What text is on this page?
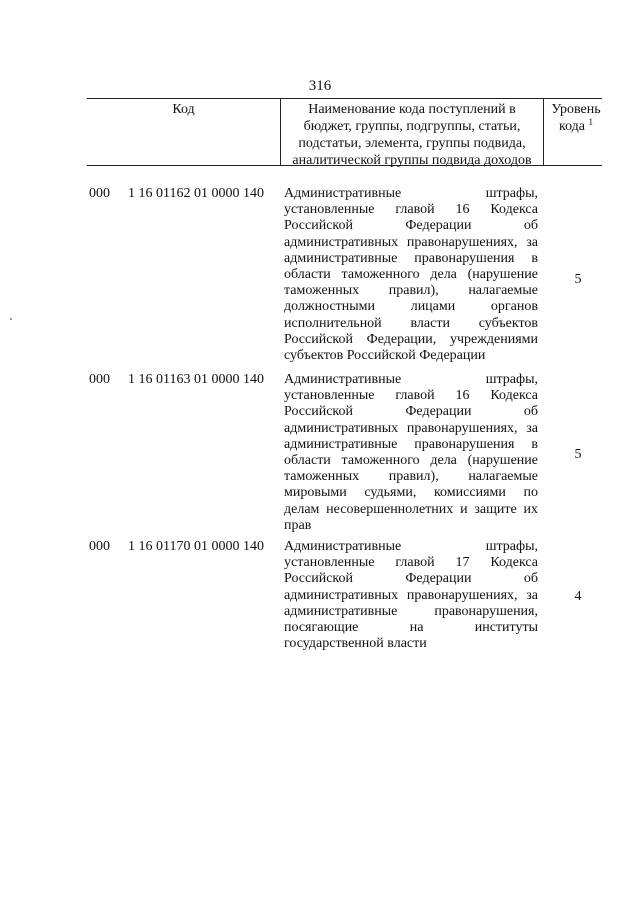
316
Код	Наименование кода поступлений в
бюджет, группы, подгруппы, статьи,
подстатьи, элемента, группы подвида,
аналитической группы подвида доходов
Уровень
кода $^1$
000 1 16 01162 01 0000 140 Административные штрафы,
установленные главой 16 Кодекса
Российской Федерации об
административных правонарушениях, за
административные правонарушения в
области таможенного дела (нарушение
таможенных правил), налагаемые
должностными лицами органов
исполнительной власти субъектов
Российской Федерации, учреждениями
субъектов Российской Федерации
5
000 1 16 01163 01 0000 140 Административные штрафы,
установленные главой 16 Кодекса
Российской Федерации об
административных правонарушениях, за
административные правонарушения в
области таможенного дела (нарушение
таможенных правил), налагаемые
мировыми судьями, комиссиями по
делам несовершеннолетних и защите их
прав
5
000 1 16 01170 01 0000 140 Административные штрафы,
установленные главой 17 Кодекса
Российской Федерации об
административных правонарушениях, за
административные правонарушения,
посягающие на институты
государственной власти
4
